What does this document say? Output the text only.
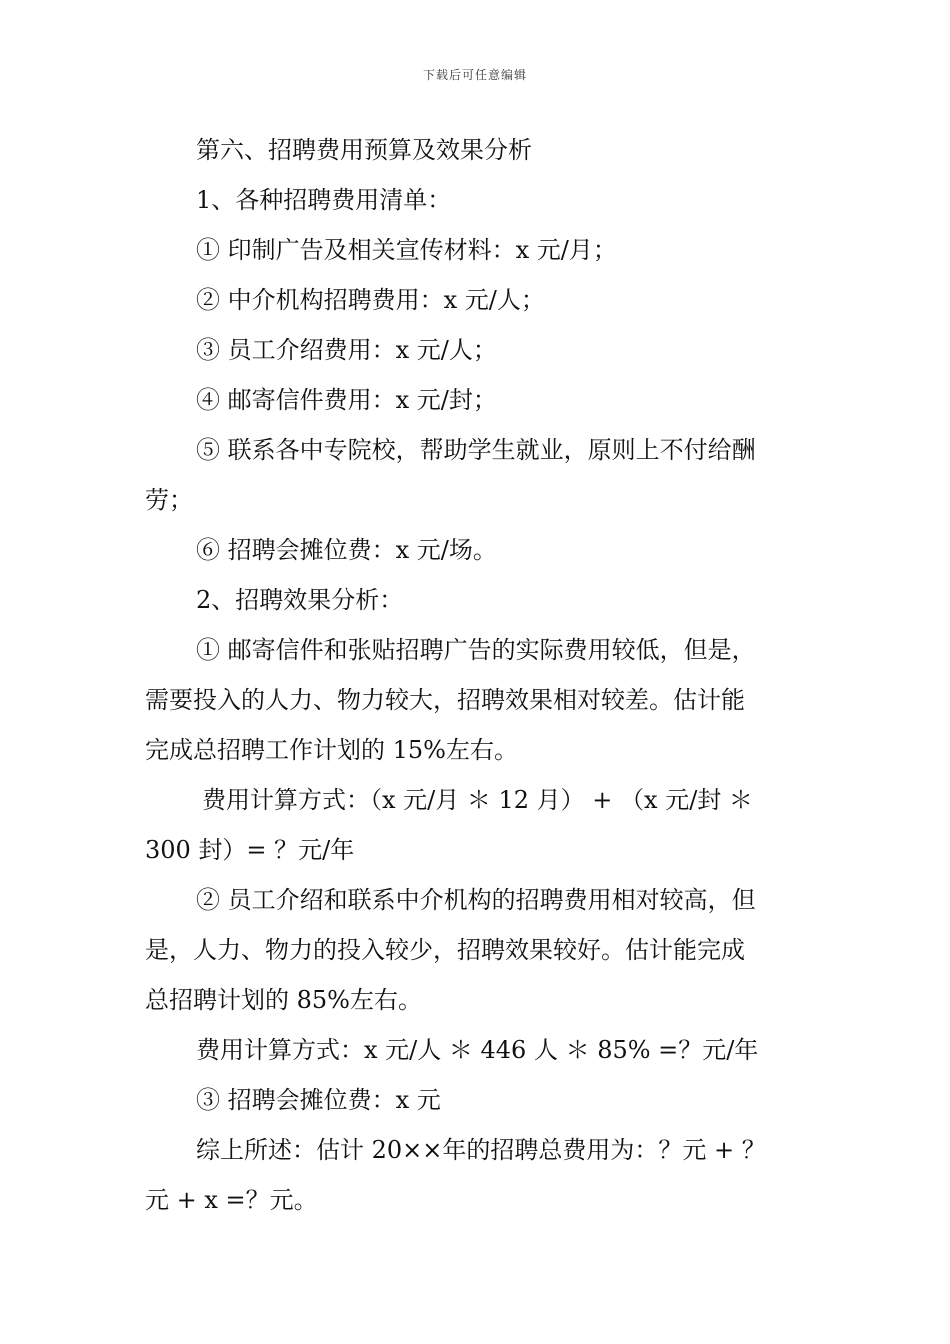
下载后可任意编辑
第六、招聘费用预算及效果分析
1、各种招聘费用清单：
① 印制广告及相关宣传材料：x 元/月；
② 中介机构招聘费用：x 元/人；
③ 员工介绍费用：x 元/人；
④ 邮寄信件费用：x 元/封；
⑤ 联系各中专院校，帮助学生就业，原则上不付给酬
劳；
⑥ 招聘会摊位费：x 元/场。
2、招聘效果分析：
① 邮寄信件和张贴招聘广告的实际费用较低，但是，
需要投入的人力、物力较大，招聘效果相对较差。估计能
完成总招聘工作计划的 15%左右。
费用计算方式：（x 元/月 ＊ 12 月） + （x 元/封 ＊
300 封）= ？元/年
② 员工介绍和联系中介机构的招聘费用相对较高，但
是，人力、物力的投入较少，招聘效果较好。估计能完成
总招聘计划的 85%左右。
费用计算方式：x 元/人 ＊ 446 人 ＊ 85% =？元/年
③ 招聘会摊位费：x 元
综上所述：估计 20××年的招聘总费用为：？元 + ？
元 + x =？元。
